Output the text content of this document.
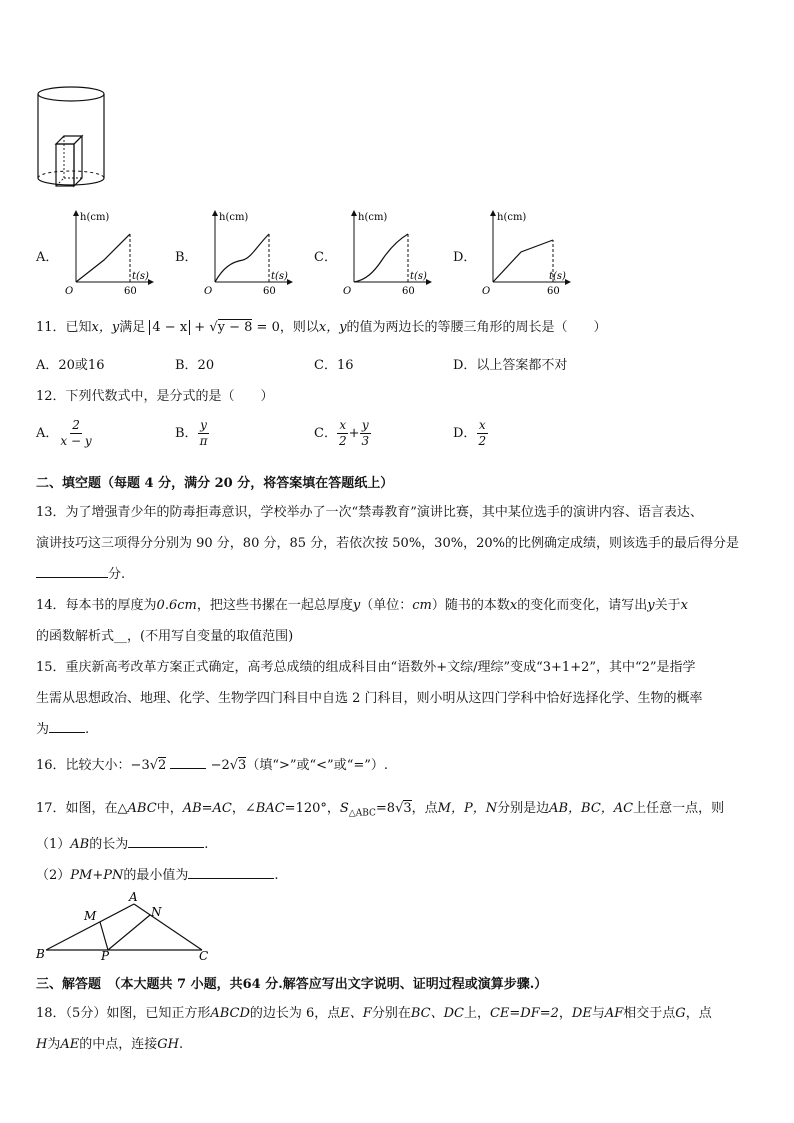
A．
h(cm)
t(s)
O	60
B．
h(cm)
t(s)
O	60
C．
h(cm)
t(s)
O	60
D．
h(cm)
t(s)
O	60
11．已知x，y满足 4 − x + √y − 8 = 0，则以x，y的值为两边长的等腰三角形的周长是（　　）
A．20或16	B．20	C．16	D．以上答案都不对
12．下列代数式中，是分式的是（　　）
A． $\frac{2}{x - y}$	B． $\frac{y}{\pi}$	C． $\frac{x}{2} + \frac{y}{3}$	D． $\frac{x}{2}$
二、填空题（每题 4 分，满分 20 分，将答案填在答题纸上）
13．为了增强青少年的防毒拒毒意识，学校举办了一次“禁毒教育”演讲比赛，其中某位选手的演讲内容、语言表达、
演讲技巧这三项得分分别为 90 分，80 分，85 分，若依次按 50%，30%，20%的比例确定成绩，则该选手的最后得分是
分.
14．每本书的厚度为0.6cm，把这些书摞在一起总厚度y（单位：cm）随书的本数x的变化而变化，请写出y关于x
的函数解析式__，(不用写自变量的取值范围)
15．重庆新高考改革方案正式确定，高考总成绩的组成科目由“语数外+文综/理综”变成“3+1+2”，其中“2”是指学
生需从思想政冶、地理、化学、生物学四门科目中自选 2 门科目，则小明从这四门学科中恰好选择化学、生物的概率
为	.
16．比较大小：−3√2	−2√3（填“>”或“<”或“=”）.
17．如图，在△ABC中，AB=AC，∠BAC=120°，$S_{\triangle ABC}=8√3$，点M，P，N分别是边AB，BC，AC上任意一点，则
（1）AB的长为	.
（2）PM+PN的最小值为	.
A
B	C
M	N
P
三、解答题　（本大题共 7 小题，共64 分.解答应写出文字说明、证明过程或演算步骤.）
18．（5分）如图，已知正方形ABCD的边长为 6，点E、F分别在BC、DC上，CE=DF=2，DE与AF相交于点G，点
H为AE的中点，连接GH.
